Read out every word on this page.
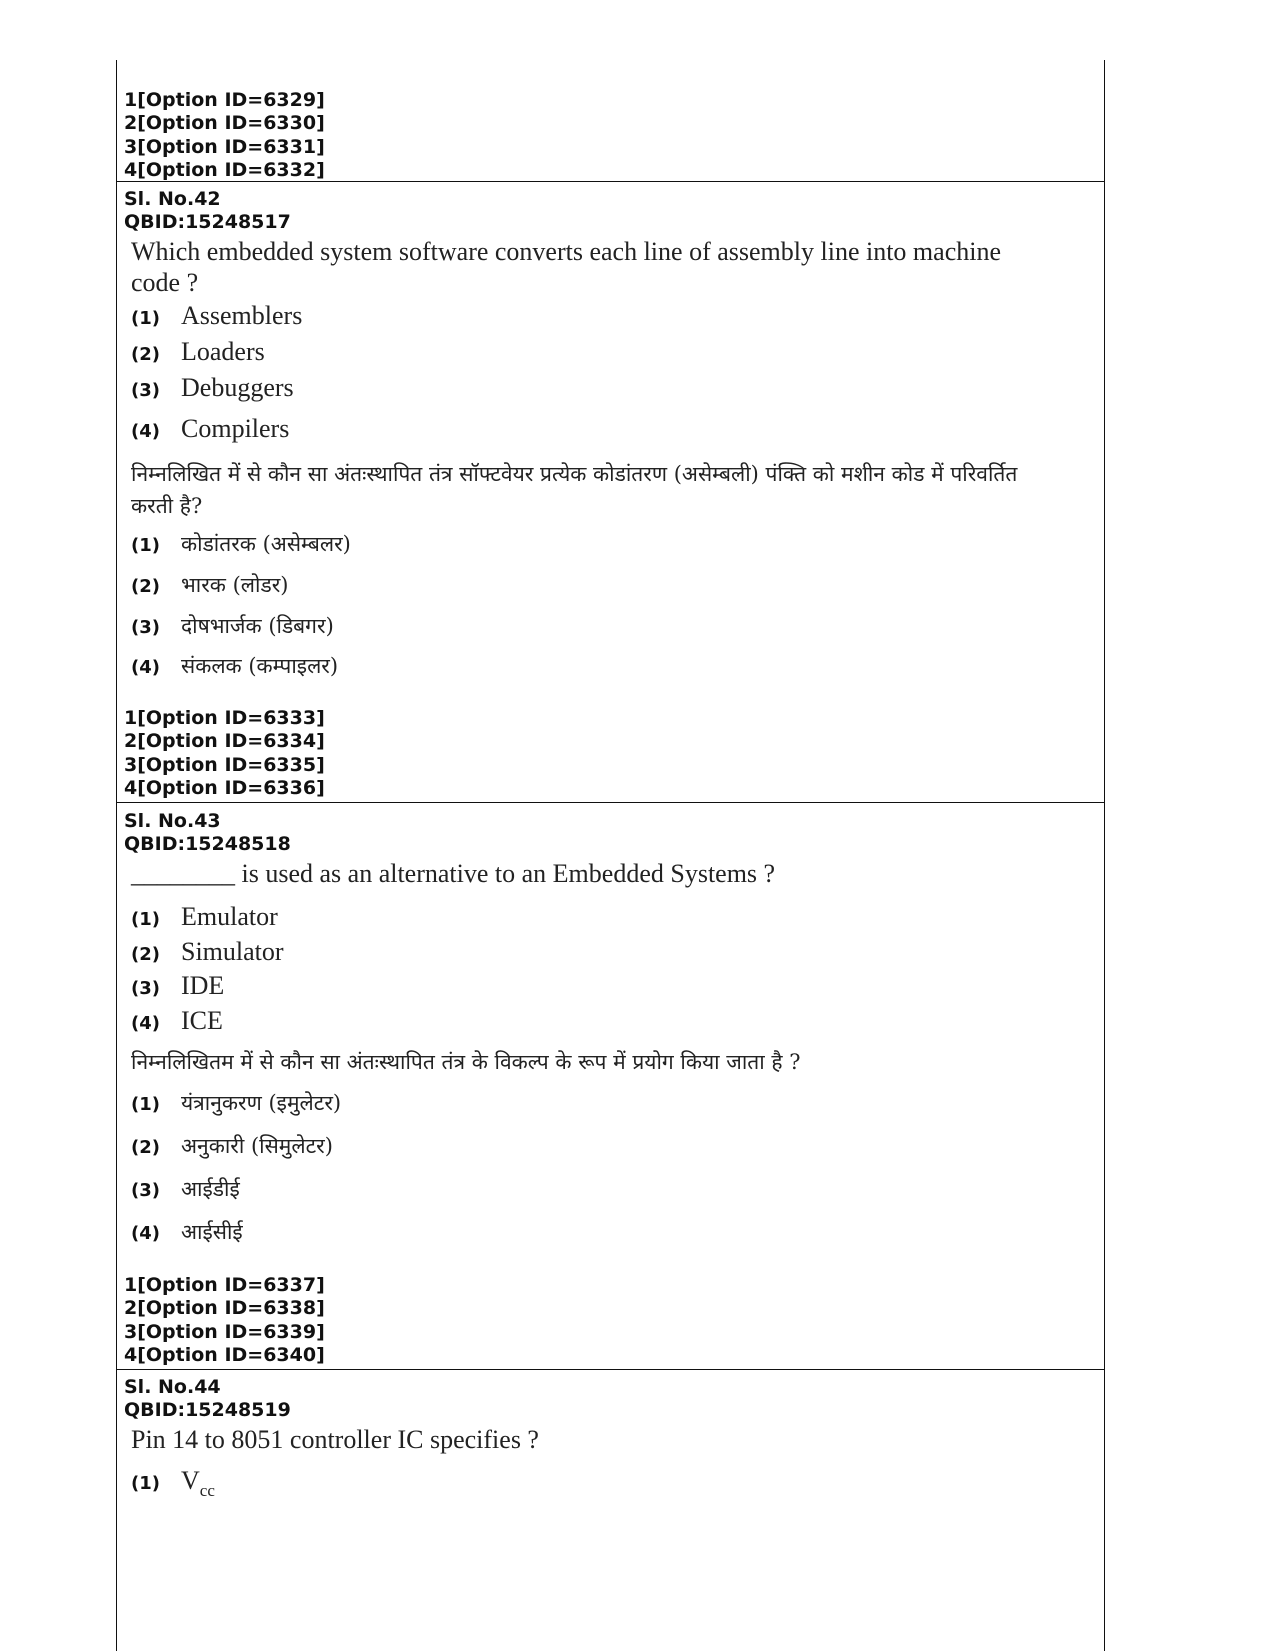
1[Option ID=6329]
2[Option ID=6330]
3[Option ID=6331]
4[Option ID=6332]
Sl. No.42
QBID:15248517
Which embedded system software converts each line of assembly line into machine code ?
(1) Assemblers
(2) Loaders
(3) Debuggers
(4) Compilers
निम्नलिखित में से कौन सा अंतःस्थापित तंत्र सॉफ्टवेयर प्रत्येक कोडांतरण (असेम्बली) पंक्ति को मशीन कोड में परिवर्तित करती है?
(1)	कोडांतरक (असेम्बलर)
(2)	भारक (लोडर)
(3)	दोषभार्जक (डिबगर)
(4)	संकलक (कम्पाइलर)
1[Option ID=6333]
2[Option ID=6334]
3[Option ID=6335]
4[Option ID=6336]
Sl. No.43
QBID:15248518
________ is used as an alternative to an Embedded Systems ?
(1) Emulator
(2) Simulator
(3) IDE
(4) ICE
निम्नलिखितम में से कौन सा अंतःस्थापित तंत्र के विकल्प के रूप में प्रयोग किया जाता है ?
(1)	यंत्रानुकरण (इमुलेटर)
(2)	अनुकारी (सिमुलेटर)
(3)	आईडीई
(4)	आईसीई
1[Option ID=6337]
2[Option ID=6338]
3[Option ID=6339]
4[Option ID=6340]
Sl. No.44
QBID:15248519
Pin 14 to 8051 controller IC specifies ?
(1) $V_{cc}$
